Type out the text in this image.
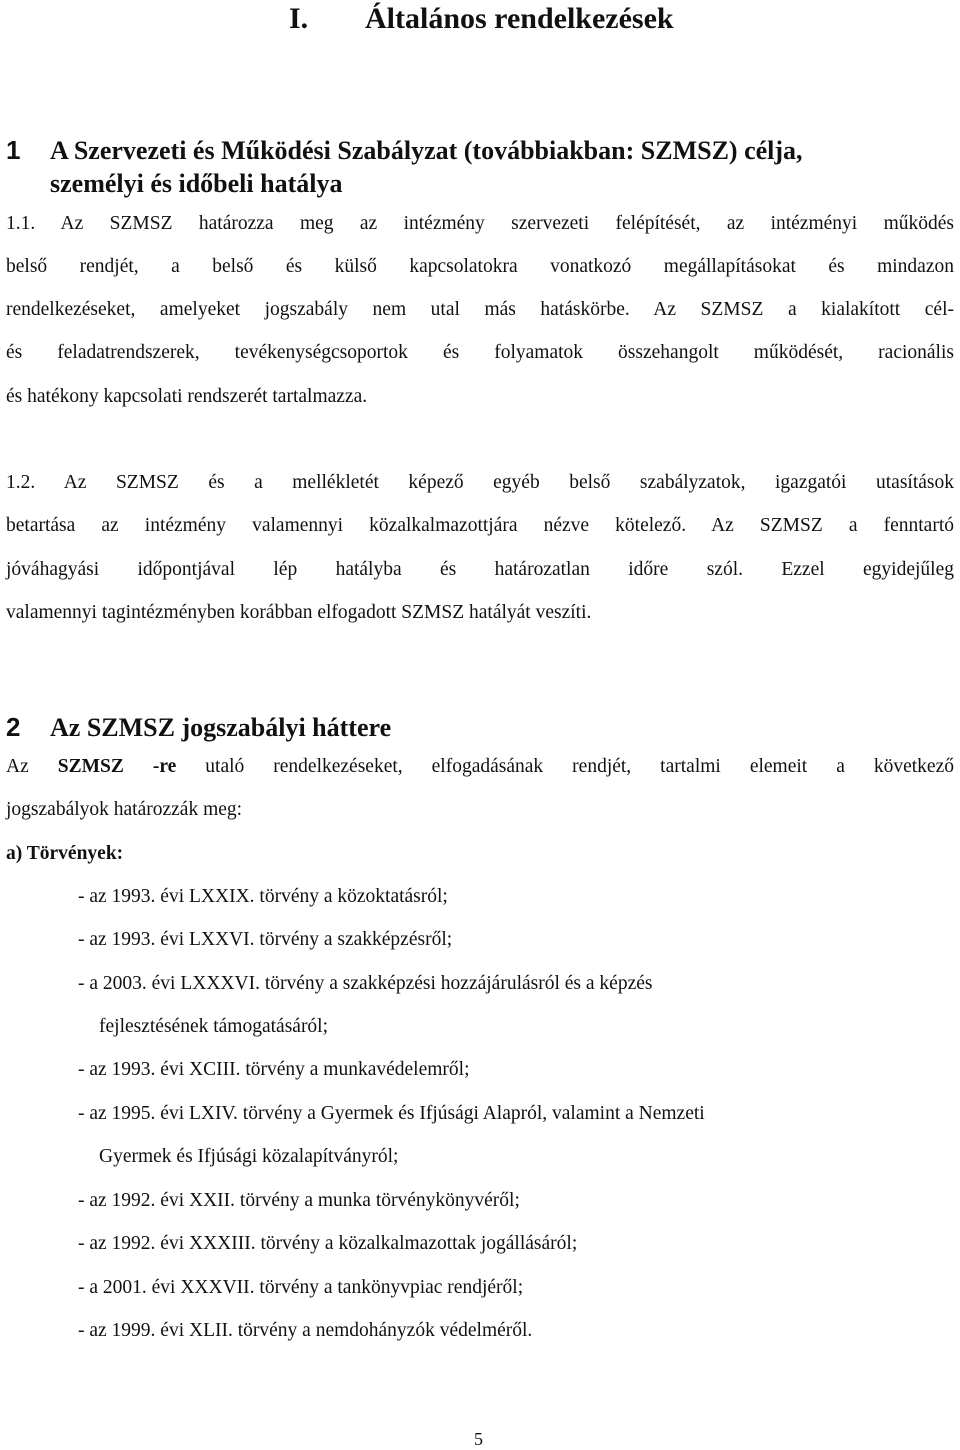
I. Általános rendelkezések
1 A Szervezeti és Működési Szabályzat (továbbiakban: SZMSZ) célja,
személyi és időbeli hatálya
1.1. Az SZMSZ határozza meg az intézmény szervezeti felépítését, az intézményi működés
belső rendjét, a belső és külső kapcsolatokra vonatkozó megállapításokat és mindazon
rendelkezéseket, amelyeket jogszabály nem utal más hatáskörbe. Az SZMSZ a kialakított cél-
és feladatrendszerek, tevékenységcsoportok és folyamatok összehangolt működését, racionális
és hatékony kapcsolati rendszerét tartalmazza.
1.2. Az SZMSZ és a mellékletét képező egyéb belső szabályzatok, igazgatói utasítások
betartása az intézmény valamennyi közalkalmazottjára nézve kötelező. Az SZMSZ a fenntartó
jóváhagyási időpontjával lép hatályba és határozatlan időre szól. Ezzel egyidejűleg
valamennyi tagintézményben korábban elfogadott SZMSZ hatályát veszíti.
2 Az SZMSZ jogszabályi háttere
Az SZMSZ -re utaló rendelkezéseket, elfogadásának rendjét, tartalmi elemeit a következő
jogszabályok határozzák meg:
a) Törvények:
- az 1993. évi LXXIX. törvény a közoktatásról;
- az 1993. évi LXXVI. törvény a szakképzésről;
- a 2003. évi LXXXVI. törvény a szakképzési hozzájárulásról és a képzés
fejlesztésének támogatásáról;
- az 1993. évi XCIII. törvény a munkavédelemről;
- az 1995. évi LXIV. törvény a Gyermek és Ifjúsági Alapról, valamint a Nemzeti
Gyermek és Ifjúsági közalapítványról;
- az 1992. évi XXII. törvény a munka törvénykönyvéről;
- az 1992. évi XXXIII. törvény a közalkalmazottak jogállásáról;
- a 2001. évi XXXVII. törvény a tankönyvpiac rendjéről;
- az 1999. évi XLII. törvény a nemdohányzók védelméről.
5
